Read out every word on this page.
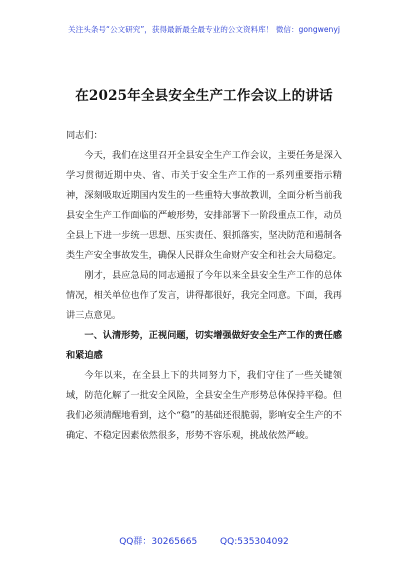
关注头条号“公文研究”，获得最新最全最专业的公文资料库！ 微信：gongwenyj
在2025年全县安全生产工作会议上的讲话

同志们：

今天，我们在这里召开全县安全生产工作会议，主要任务是深入学习贯彻近期中央、省、市关于安全生产工作的一系列重要指示精神，深刻吸取近期国内发生的一些重特大事故教训，全面分析当前我县安全生产工作面临的严峻形势，安排部署下一阶段重点工作，动员全县上下进一步统一思想、压实责任、狠抓落实，坚决防范和遏制各类生产安全事故发生，确保人民群众生命财产安全和社会大局稳定。

刚才，县应急局的同志通报了今年以来全县安全生产工作的总体情况，相关单位也作了发言，讲得都很好，我完全同意。下面，我再讲三点意见。

一、认清形势，正视问题，切实增强做好安全生产工作的责任感和紧迫感

今年以来，在全县上下的共同努力下，我们守住了一些关键领域，防范化解了一批安全风险，全县安全生产形势总体保持平稳。但我们必须清醒地看到，这个“稳”的基础还很脆弱，影响安全生产的不确定、不稳定因素依然很多，形势不容乐观，挑战依然严峻。

QQ群：30265665	QQ:535304092
